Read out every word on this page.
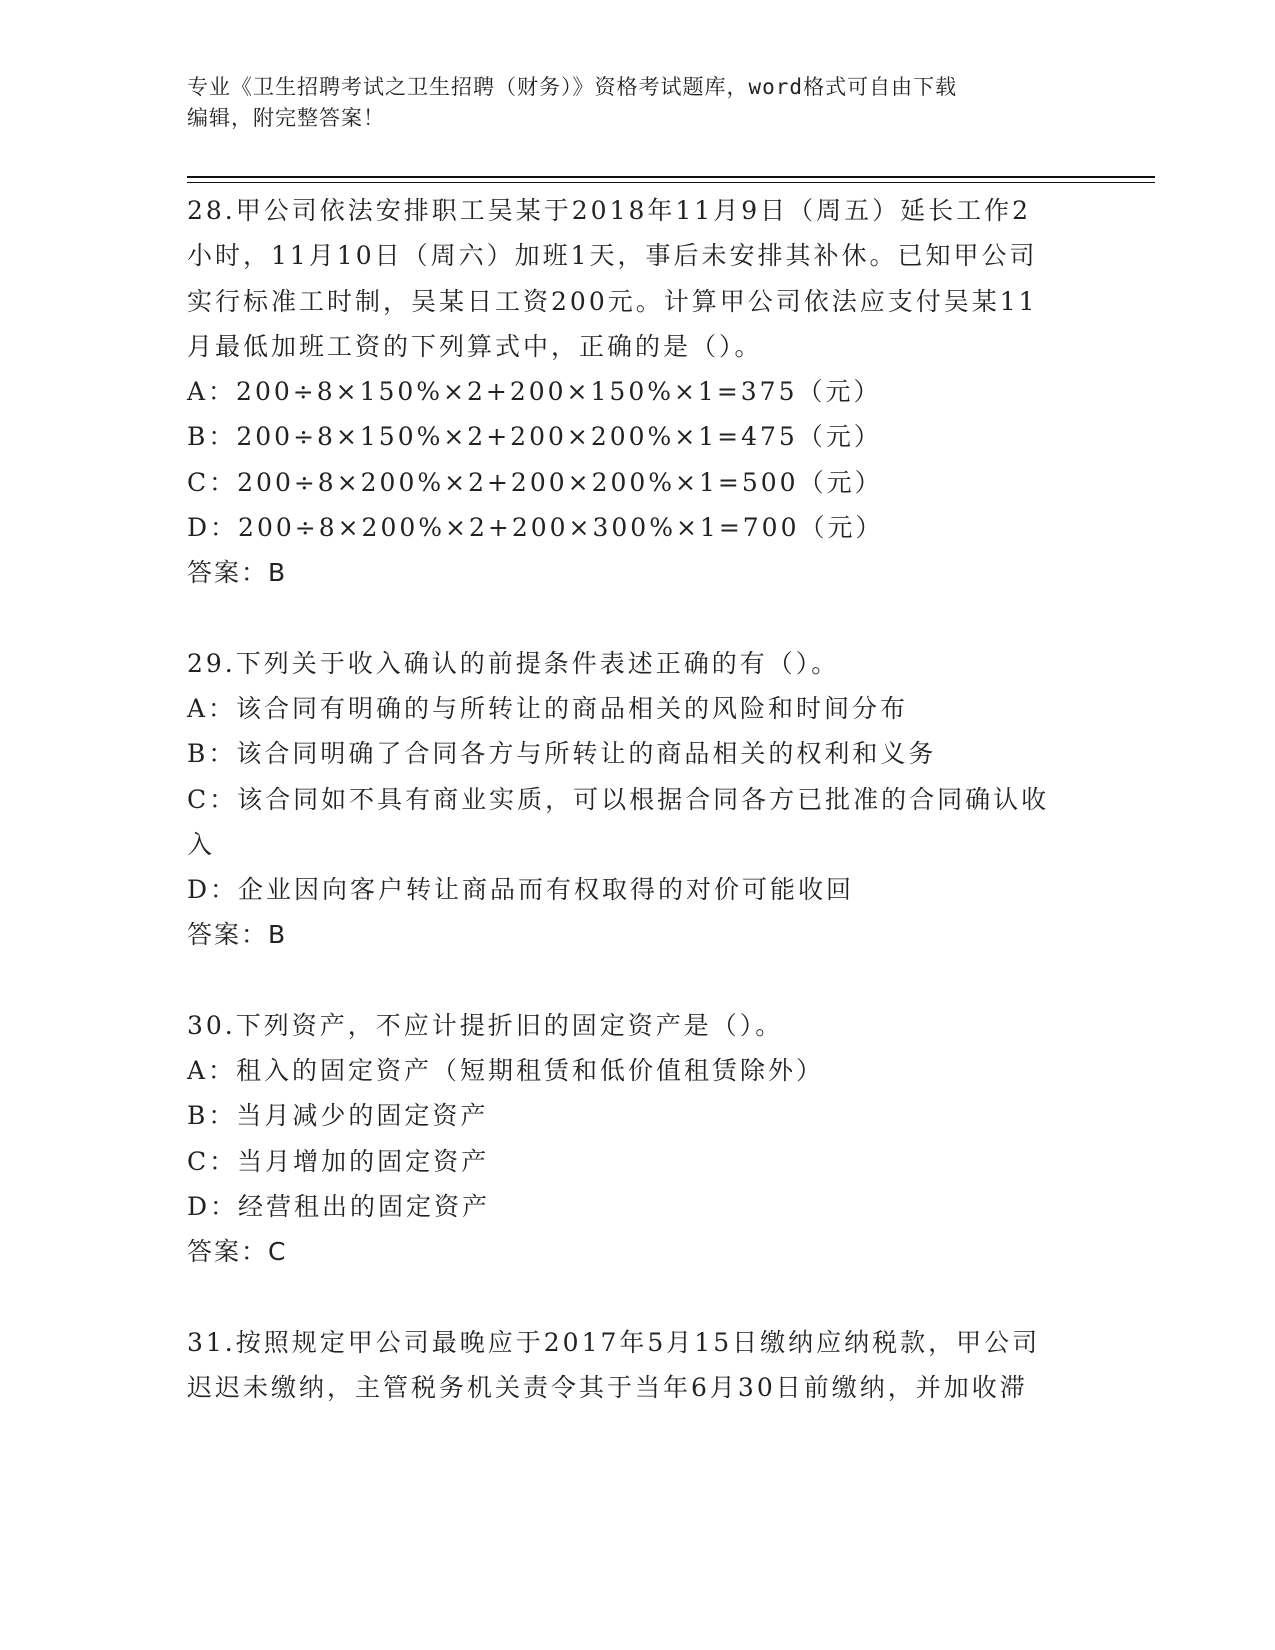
专业《卫生招聘考试之卫生招聘（财务）》资格考试题库，word格式可自由下载
编辑，附完整答案！
28.甲公司依法安排职工吴某于2018年11月9日（周五）延长工作2
小时，11月10日（周六）加班1天，事后未安排其补休。已知甲公司
实行标准工时制，吴某日工资200元。计算甲公司依法应支付吴某11
月最低加班工资的下列算式中，正确的是（）。
A：200÷8×150%×2+200×150%×1=375（元）
B：200÷8×150%×2+200×200%×1=475（元）
C：200÷8×200%×2+200×200%×1=500（元）
D：200÷8×200%×2+200×300%×1=700（元）
答案：B
29.下列关于收入确认的前提条件表述正确的有（）。
A：该合同有明确的与所转让的商品相关的风险和时间分布
B：该合同明确了合同各方与所转让的商品相关的权利和义务
C：该合同如不具有商业实质，可以根据合同各方已批准的合同确认收
入
D：企业因向客户转让商品而有权取得的对价可能收回
答案：B
30.下列资产，不应计提折旧的固定资产是（）。
A：租入的固定资产（短期租赁和低价值租赁除外）
B：当月减少的固定资产
C：当月增加的固定资产
D：经营租出的固定资产
答案：C
31.按照规定甲公司最晚应于2017年5月15日缴纳应纳税款，甲公司
迟迟未缴纳，主管税务机关责令其于当年6月30日前缴纳，并加收滞
